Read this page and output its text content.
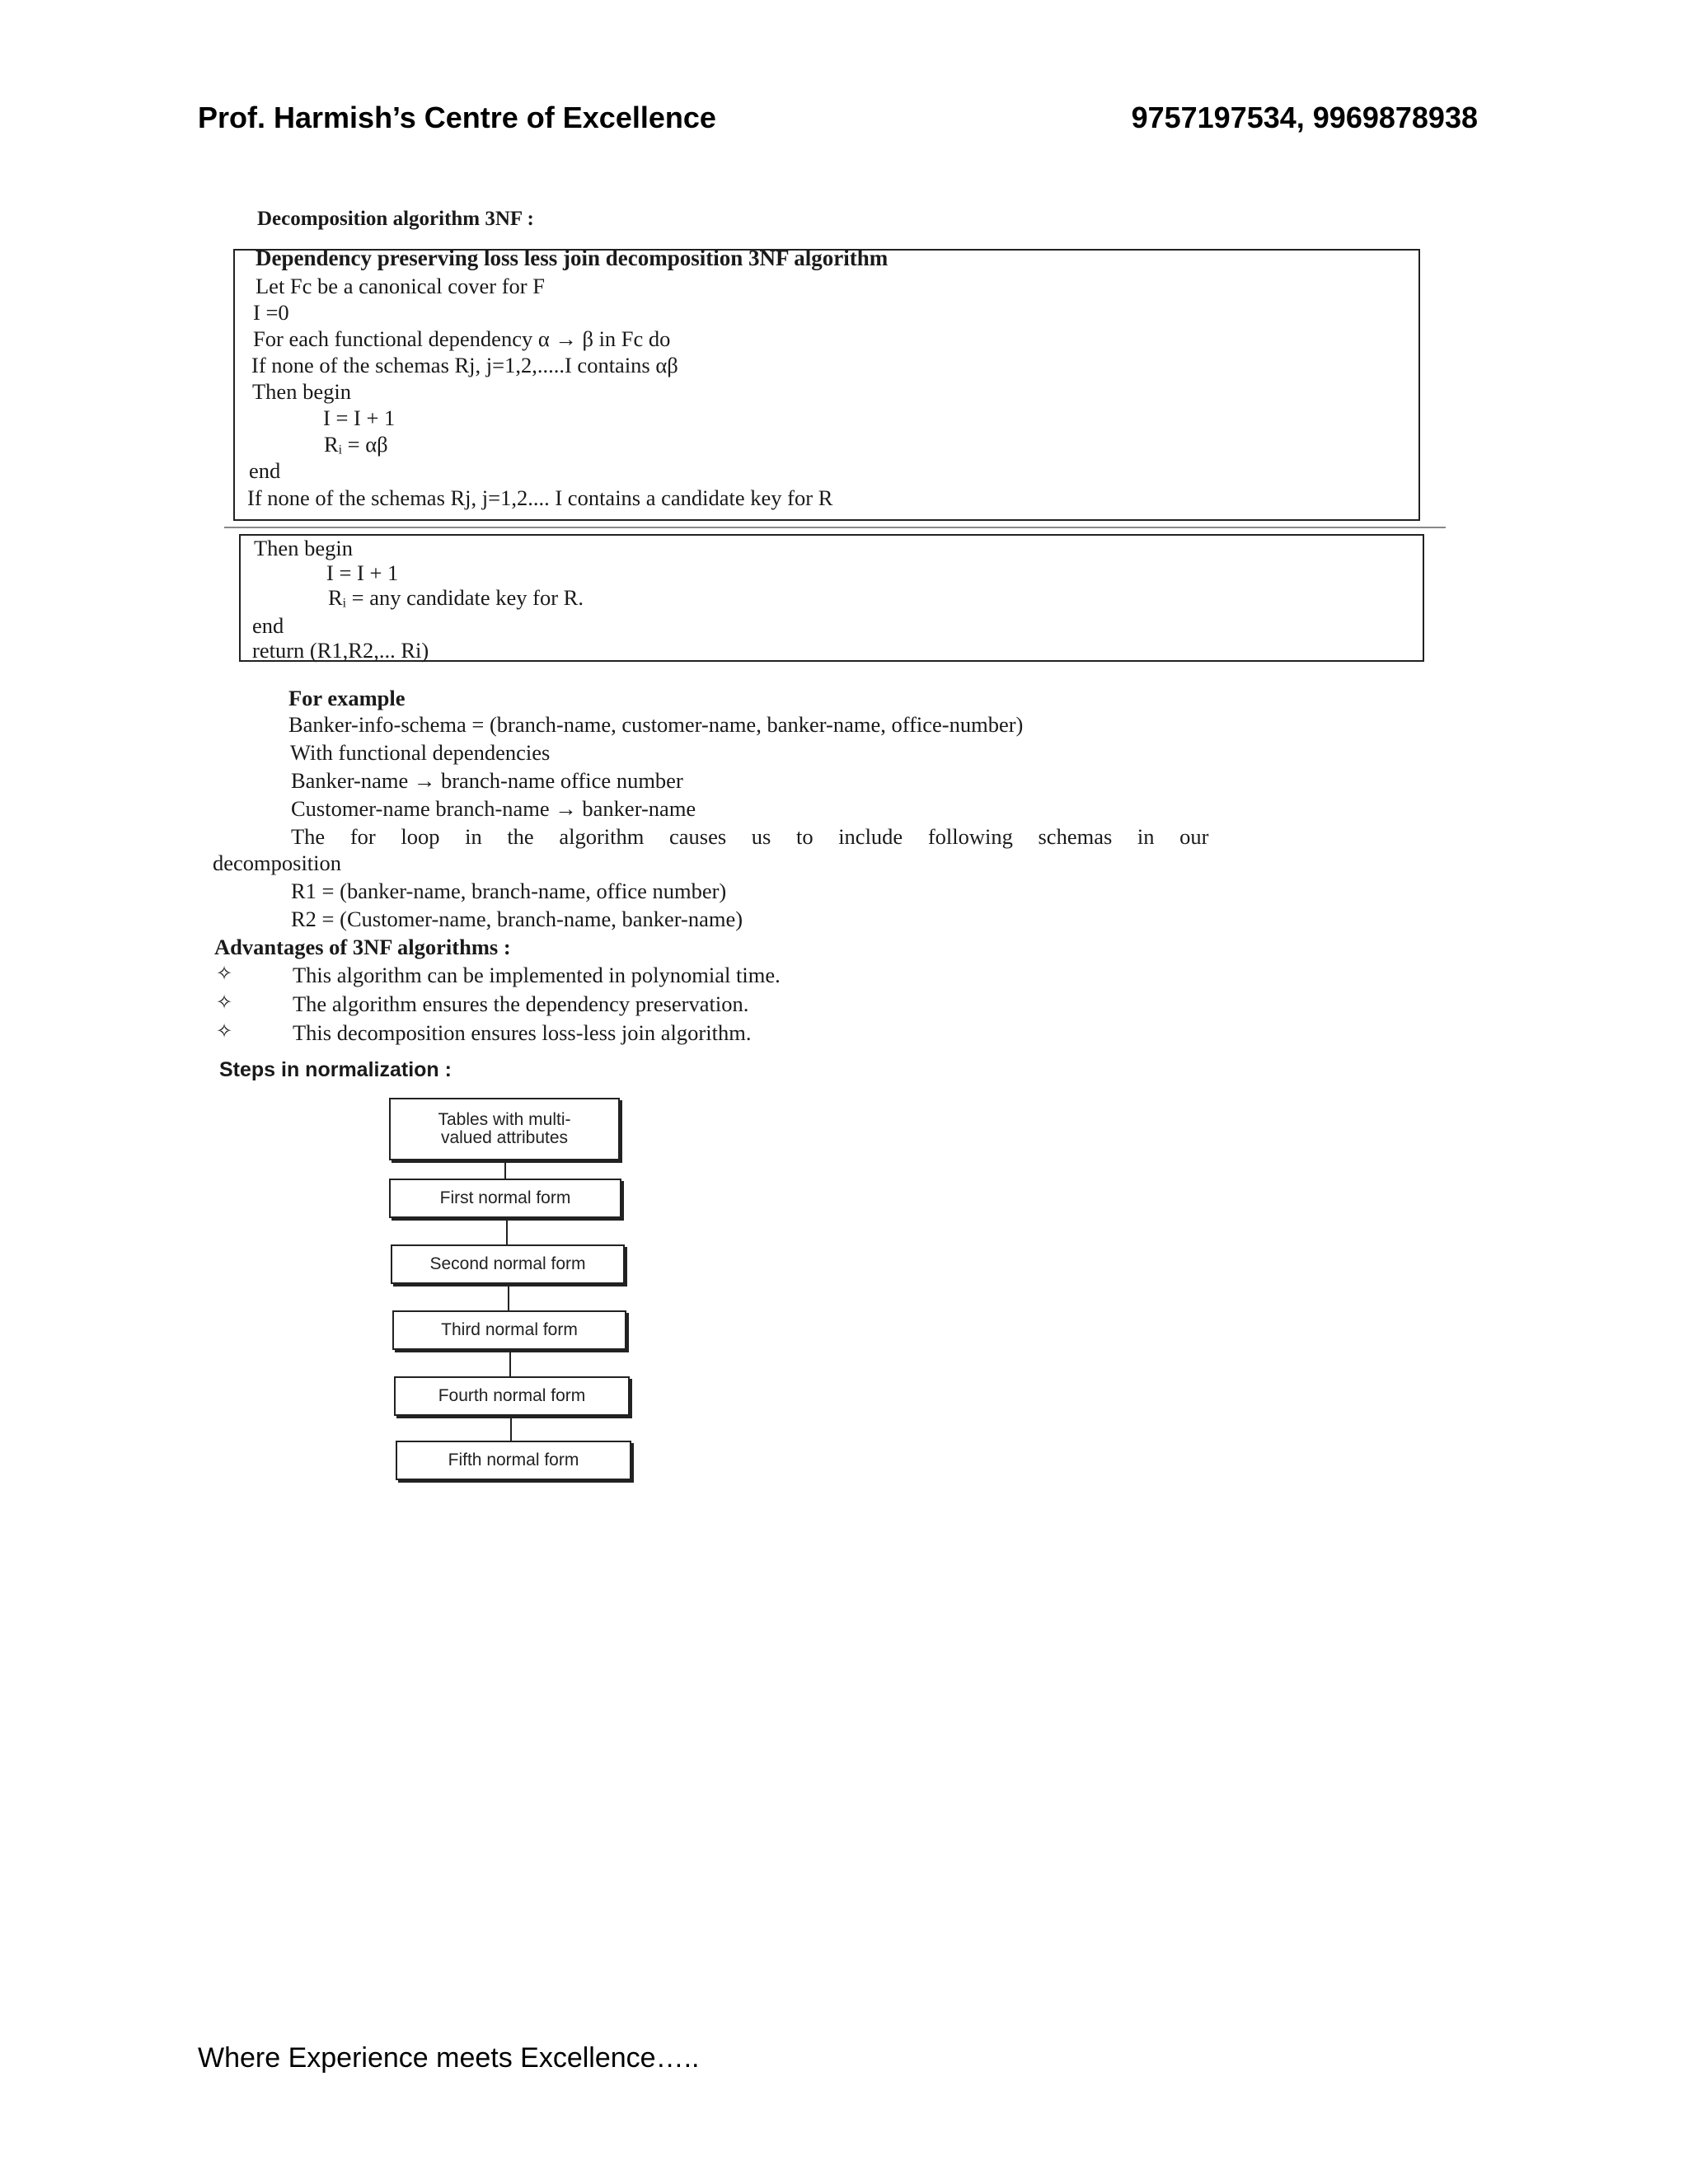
Prof. Harmish’s Centre of Excellence	9757197534, 9969878938
Decomposition algorithm 3NF :
Dependency preserving loss less join decomposition 3NF algorithm
Let Fc be a canonical cover for F
I =0
For each functional dependency α → β in Fc do
If none of the schemas Rj, j=1,2,.....I contains αβ
Then begin
I = I + 1
Rᵢ = αβ
end
If none of the schemas Rj, j=1,2.... I contains a candidate key for R
Then begin
I = I + 1
Rᵢ = any candidate key for R.
end
return (R1,R2,... Ri)
For example
Banker-info-schema = (branch-name, customer-name, banker-name, office-number)
With functional dependencies
Banker-name → branch-name office number
Customer-name branch-name → banker-name
The for loop in the algorithm causes us to include following schemas in our
decomposition
R1 = (banker-name, branch-name, office number)
R2 = (Customer-name, branch-name, banker-name)
Advantages of 3NF algorithms :
✧	This algorithm can be implemented in polynomial time.
✧	The algorithm ensures the dependency preservation.
✧	This decomposition ensures loss-less join algorithm.
Steps in normalization :
Tables with multi-
valued attributes
First normal form
Second normal form
Third normal form
Fourth normal form
Fifth normal form
Where Experience meets Excellence…..
